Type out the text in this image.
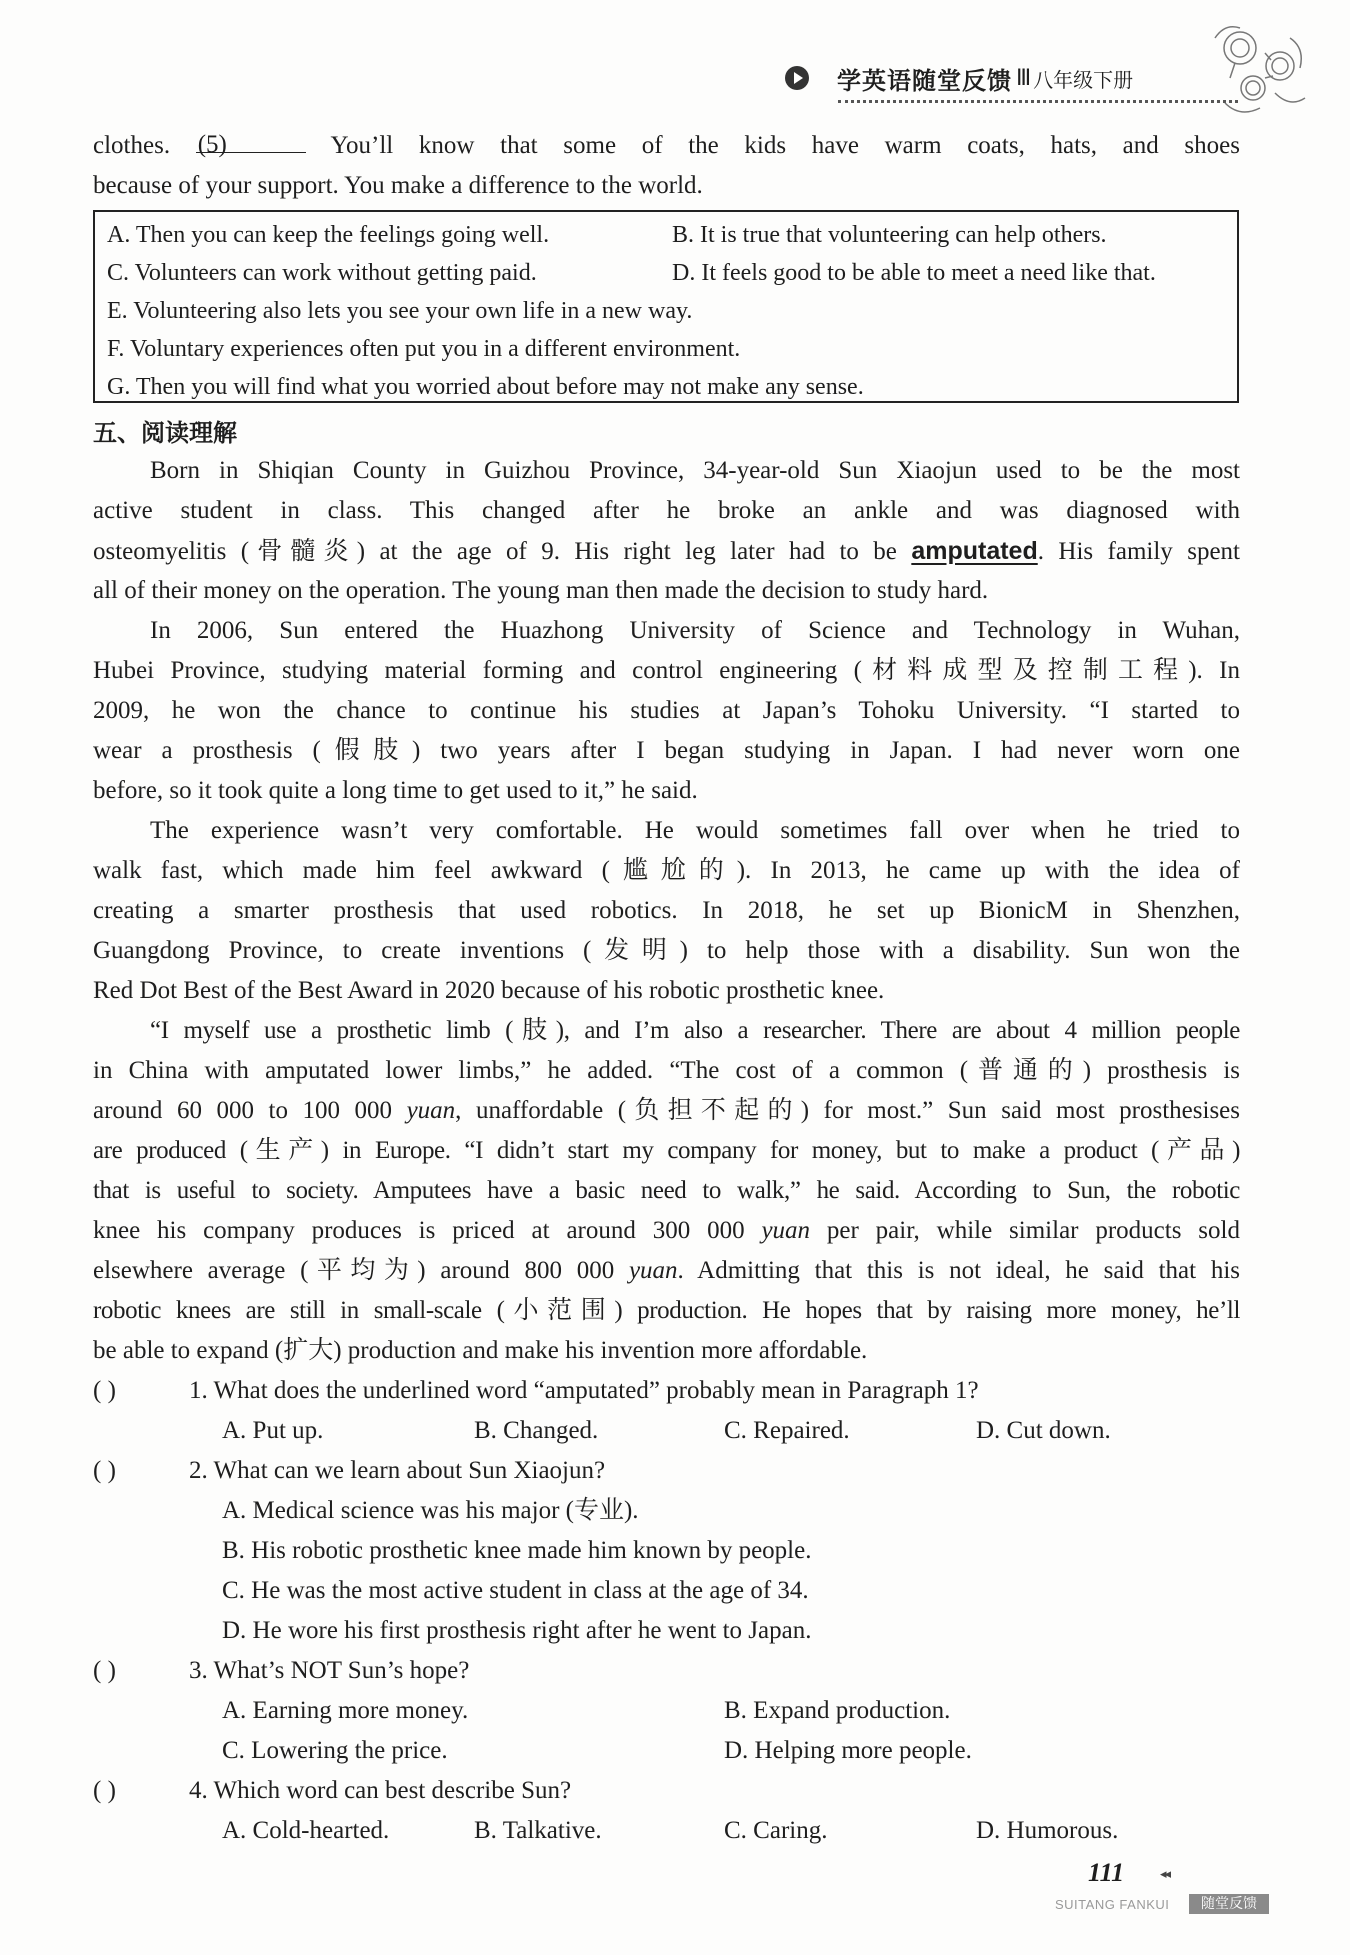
学英语随堂反馈 Ⅲ 八年级下册
clothes. (5)	You’ll know that some of the kids have warm coats, hats, and shoes
because of your support. You make a difference to the world.
A. Then you can keep the feelings going well.	B. It is true that volunteering can help others.
C. Volunteers can work without getting paid.	D. It feels good to be able to meet a need like that.
E. Volunteering also lets you see your own life in a new way.
F. Voluntary experiences often put you in a different environment.
G. Then you will find what you worried about before may not make any sense.
五、阅读理解
Born in Shiqian County in Guizhou Province, 34-year-old Sun Xiaojun used to be the most
active student in class. This changed after he broke an ankle and was diagnosed with
osteomyelitis (骨髓炎) at the age of 9. His right leg later had to be amputated. His family spent
all of their money on the operation. The young man then made the decision to study hard.
In 2006, Sun entered the Huazhong University of Science and Technology in Wuhan,
Hubei Province, studying material forming and control engineering (材料成型及控制工程). In
2009, he won the chance to continue his studies at Japan’s Tohoku University. “I started to
wear a prosthesis (假肢) two years after I began studying in Japan. I had never worn one
before, so it took quite a long time to get used to it,” he said.
The experience wasn’t very comfortable. He would sometimes fall over when he tried to
walk fast, which made him feel awkward (尴尬的). In 2013, he came up with the idea of
creating a smarter prosthesis that used robotics. In 2018, he set up BionicM in Shenzhen,
Guangdong Province, to create inventions (发明) to help those with a disability. Sun won the
Red Dot Best of the Best Award in 2020 because of his robotic prosthetic knee.
“I myself use a prosthetic limb (肢), and I’m also a researcher. There are about 4 million people
in China with amputated lower limbs,” he added. “The cost of a common (普通的) prosthesis is
around 60 000 to 100 000 yuan, unaffordable (负担不起的) for most.” Sun said most prosthesises
are produced (生产) in Europe. “I didn’t start my company for money, but to make a product (产品)
that is useful to society. Amputees have a basic need to walk,” he said. According to Sun, the robotic
knee his company produces is priced at around 300 000 yuan per pair, while similar products sold
elsewhere average (平均为) around 800 000 yuan. Admitting that this is not ideal, he said that his
robotic knees are still in small-scale (小范围) production. He hopes that by raising more money, he’ll
be able to expand (扩大) production and make his invention more affordable.
( )	1. What does the underlined word “amputated” probably mean in Paragraph 1?
A. Put up.	B. Changed.	C. Repaired.	D. Cut down.
( )	2. What can we learn about Sun Xiaojun?
A. Medical science was his major (专业).
B. His robotic prosthetic knee made him known by people.
C. He was the most active student in class at the age of 34.
D. He wore his first prosthesis right after he went to Japan.
( )	3. What’s NOT Sun’s hope?
A. Earning more money.	B. Expand production.
C. Lowering the price.	D. Helping more people.
( )	4. Which word can best describe Sun?
A. Cold-hearted.	B. Talkative.	C. Caring.	D. Humorous.
111	◂◂
SUITANG FANKUI	随堂反馈
